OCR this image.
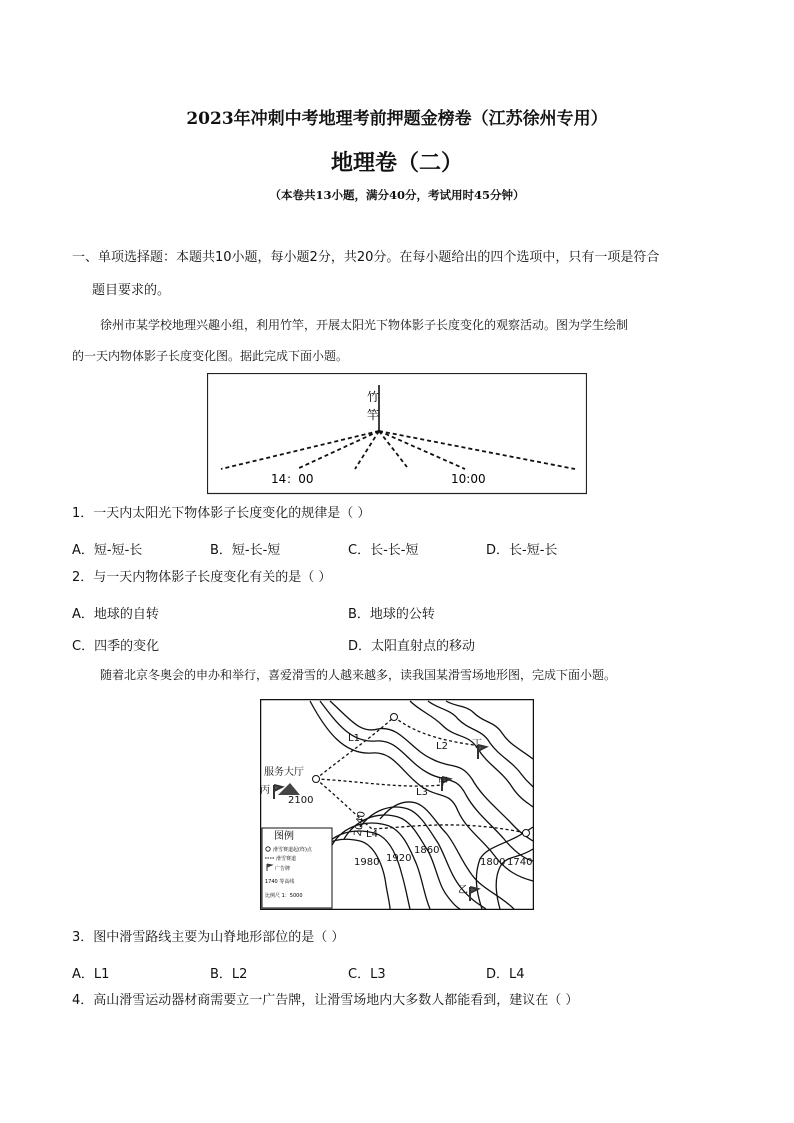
2023年冲刺中考地理考前押题金榜卷（江苏徐州专用）
地理卷（二）
（本卷共13小题，满分40分，考试用时45分钟）
一、单项选择题：本题共10小题，每小题2分，共20分。在每小题给出的四个选项中，只有一项是符合
题目要求的。
徐州市某学校地理兴趣小组，利用竹竿，开展太阳光下物体影子长度变化的观察活动。图为学生绘制
的一天内物体影子长度变化图。据此完成下面小题。
竹
竿
14：00	10:00
1．一天内太阳光下物体影子长度变化的规律是（ ）
A．短-短-长	B．短-长-短	C．长-长-短	D．长-短-长
2．与一天内物体影子长度变化有关的是（ ）
A．地球的自转	B．地球的公转
C．四季的变化	D．太阳直射点的移动
随着北京冬奥会的申办和举行，喜爱滑雪的人越来越多，读我国某滑雪场地形图，完成下面小题。
服务大厅
丙
2100
甲
乙
丁
L1
L2
L3
L4
2040
1980 1920
1860
1800 1740
图例
滑雪赛道起(终)点
滑雪赛道
广告牌
1740 等高线
比例尺 1：5000
3．图中滑雪路线主要为山脊地形部位的是（ ）
A．L1	B．L2	C．L3	D．L4
4．高山滑雪运动器材商需要立一广告牌，让滑雪场地内大多数人都能看到，建议在（ ）
